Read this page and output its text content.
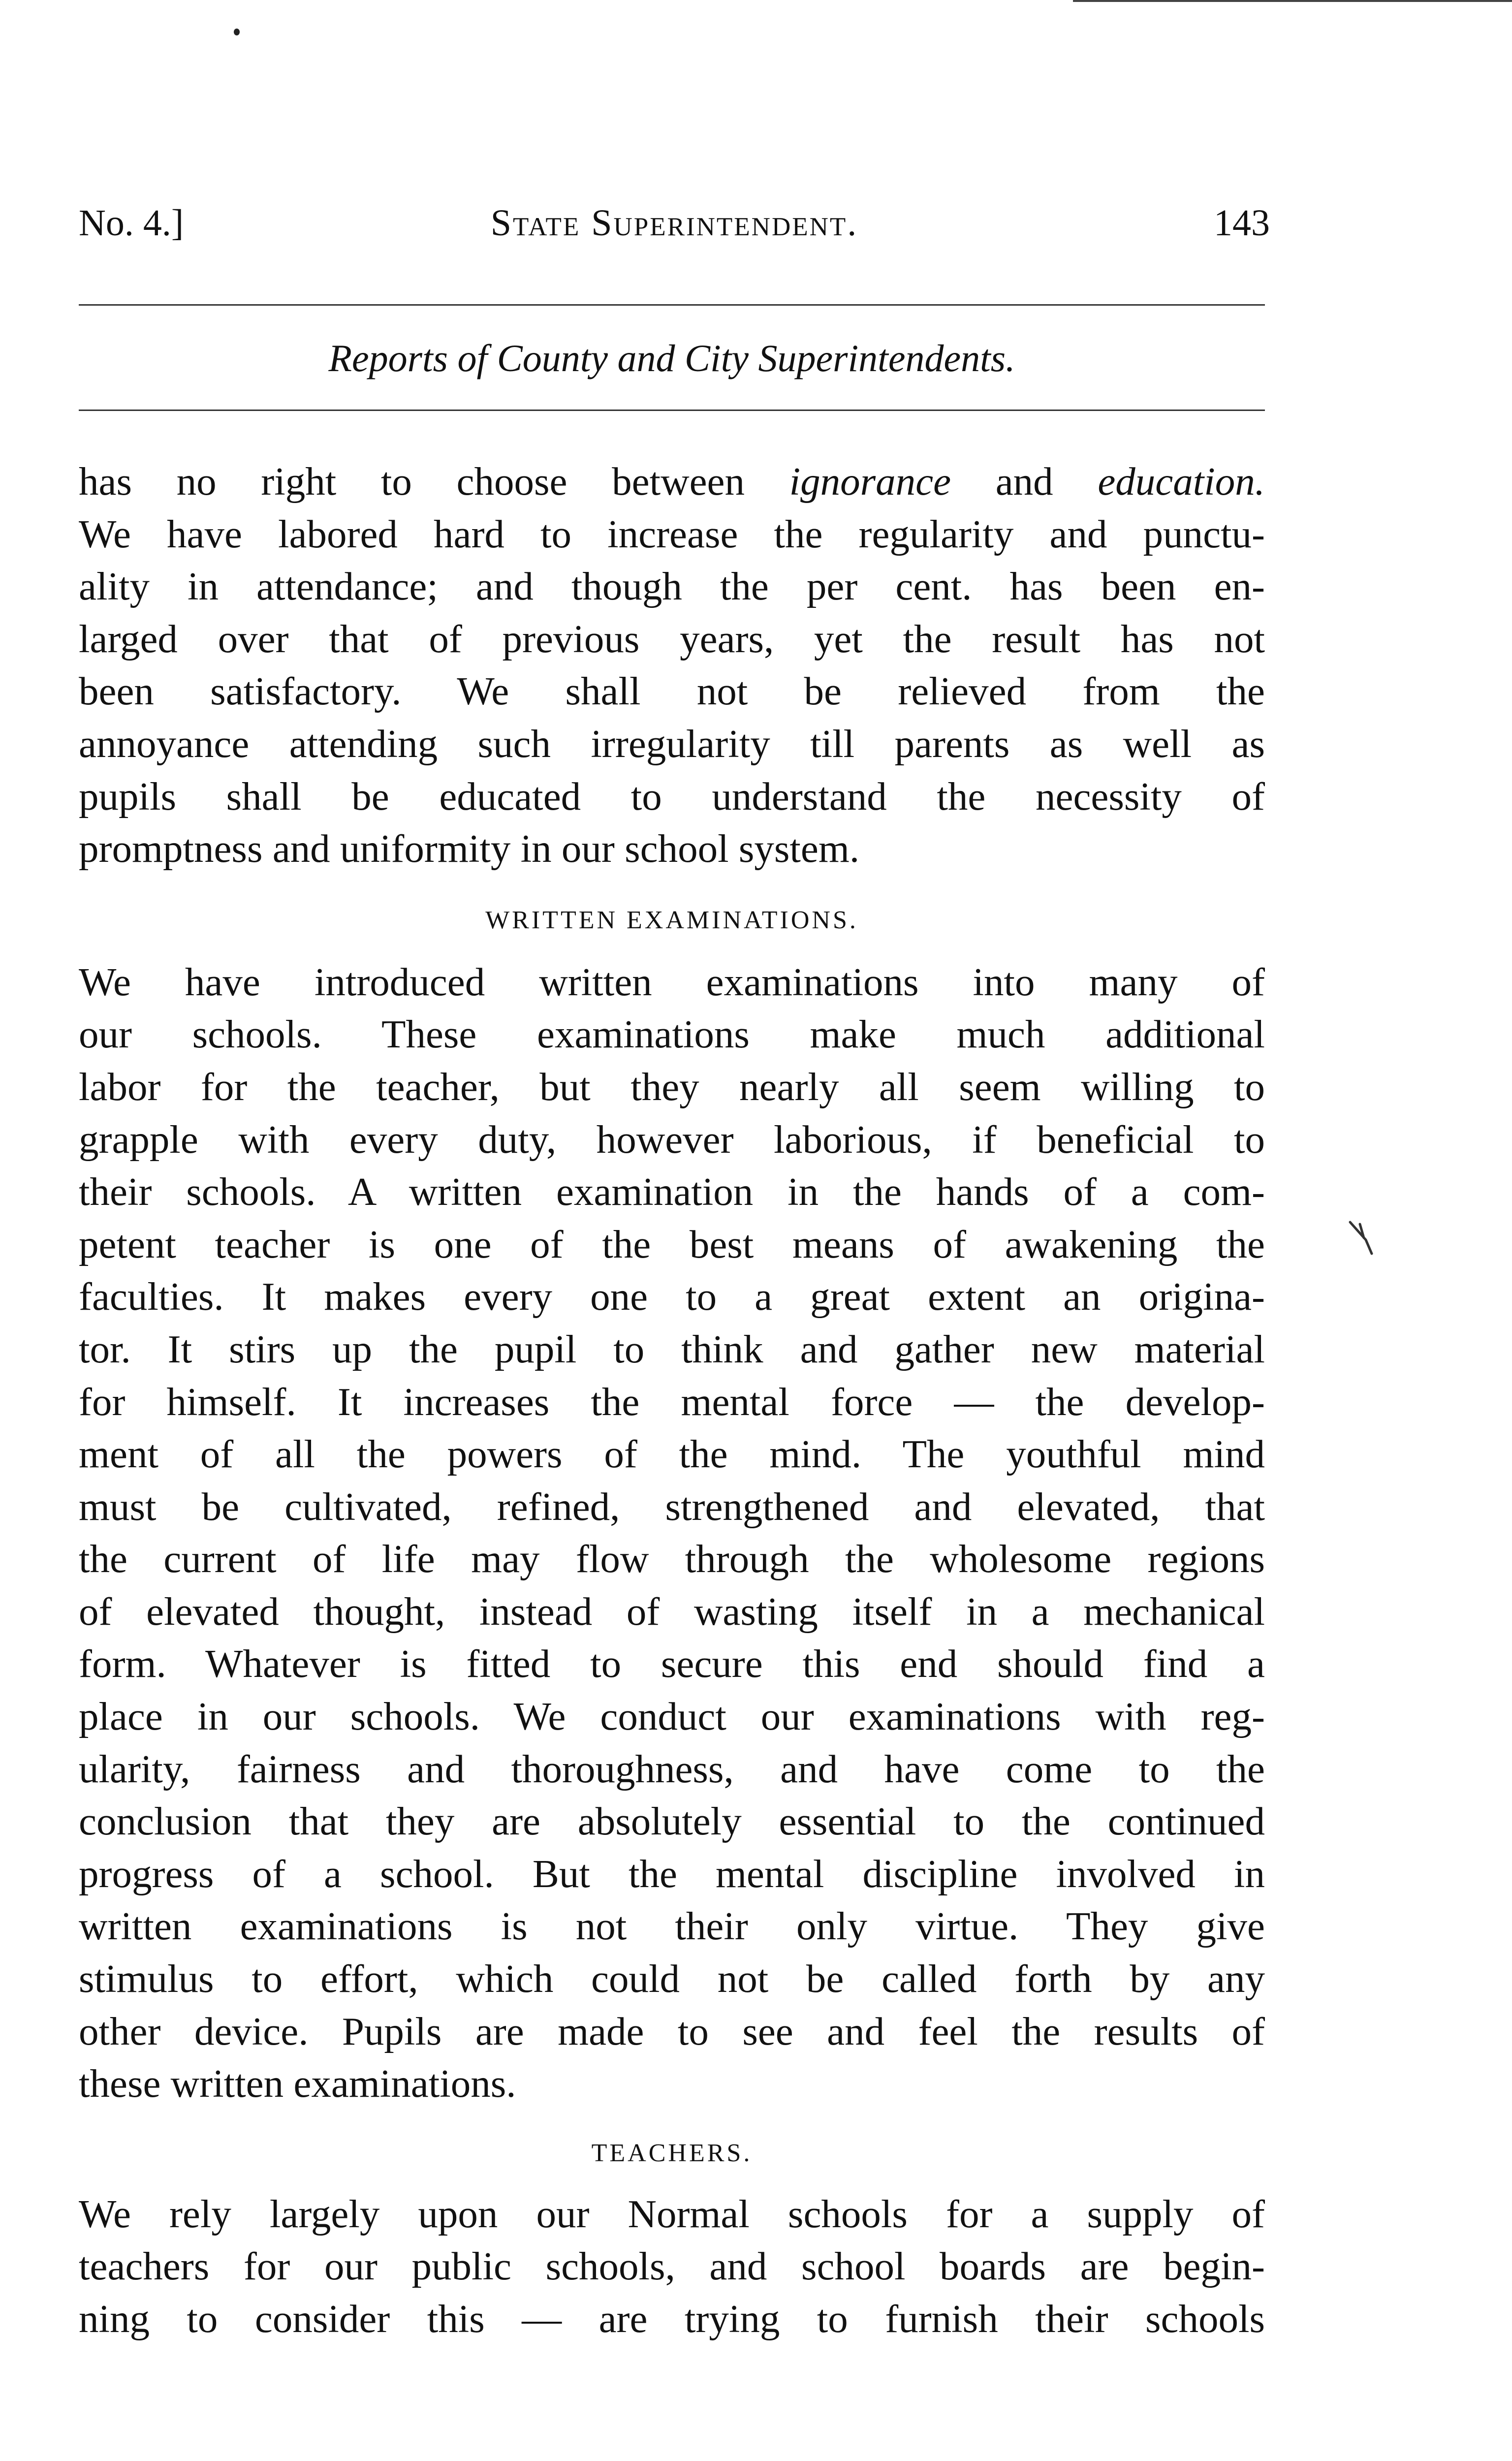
No. 4.]	State Superintendent.	143
Reports of County and City Superintendents.
has no right to choose between ignorance and education.
We have labored hard to increase the regularity and punctu-
ality in attendance; and though the per cent. has been en-
larged over that of previous years, yet the result has not
been satisfactory. We shall not be relieved from the
annoyance attending such irregularity till parents as well as
pupils shall be educated to understand the necessity of
promptness and uniformity in our school system.
WRITTEN EXAMINATIONS.
We have introduced written examinations into many of
our schools. These examinations make much additional
labor for the teacher, but they nearly all seem willing to
grapple with every duty, however laborious, if beneficial to
their schools. A written examination in the hands of a com-
petent teacher is one of the best means of awakening the
faculties. It makes every one to a great extent an origina-
tor. It stirs up the pupil to think and gather new material
for himself. It increases the mental force — the develop-
ment of all the powers of the mind. The youthful mind
must be cultivated, refined, strengthened and elevated, that
the current of life may flow through the wholesome regions
of elevated thought, instead of wasting itself in a mechanical
form. Whatever is fitted to secure this end should find a
place in our schools. We conduct our examinations with reg-
ularity, fairness and thoroughness, and have come to the
conclusion that they are absolutely essential to the continued
progress of a school. But the mental discipline involved in
written examinations is not their only virtue. They give
stimulus to effort, which could not be called forth by any
other device. Pupils are made to see and feel the results of
these written examinations.
TEACHERS.
We rely largely upon our Normal schools for a supply of
teachers for our public schools, and school boards are begin-
ning to consider this — are trying to furnish their schools
